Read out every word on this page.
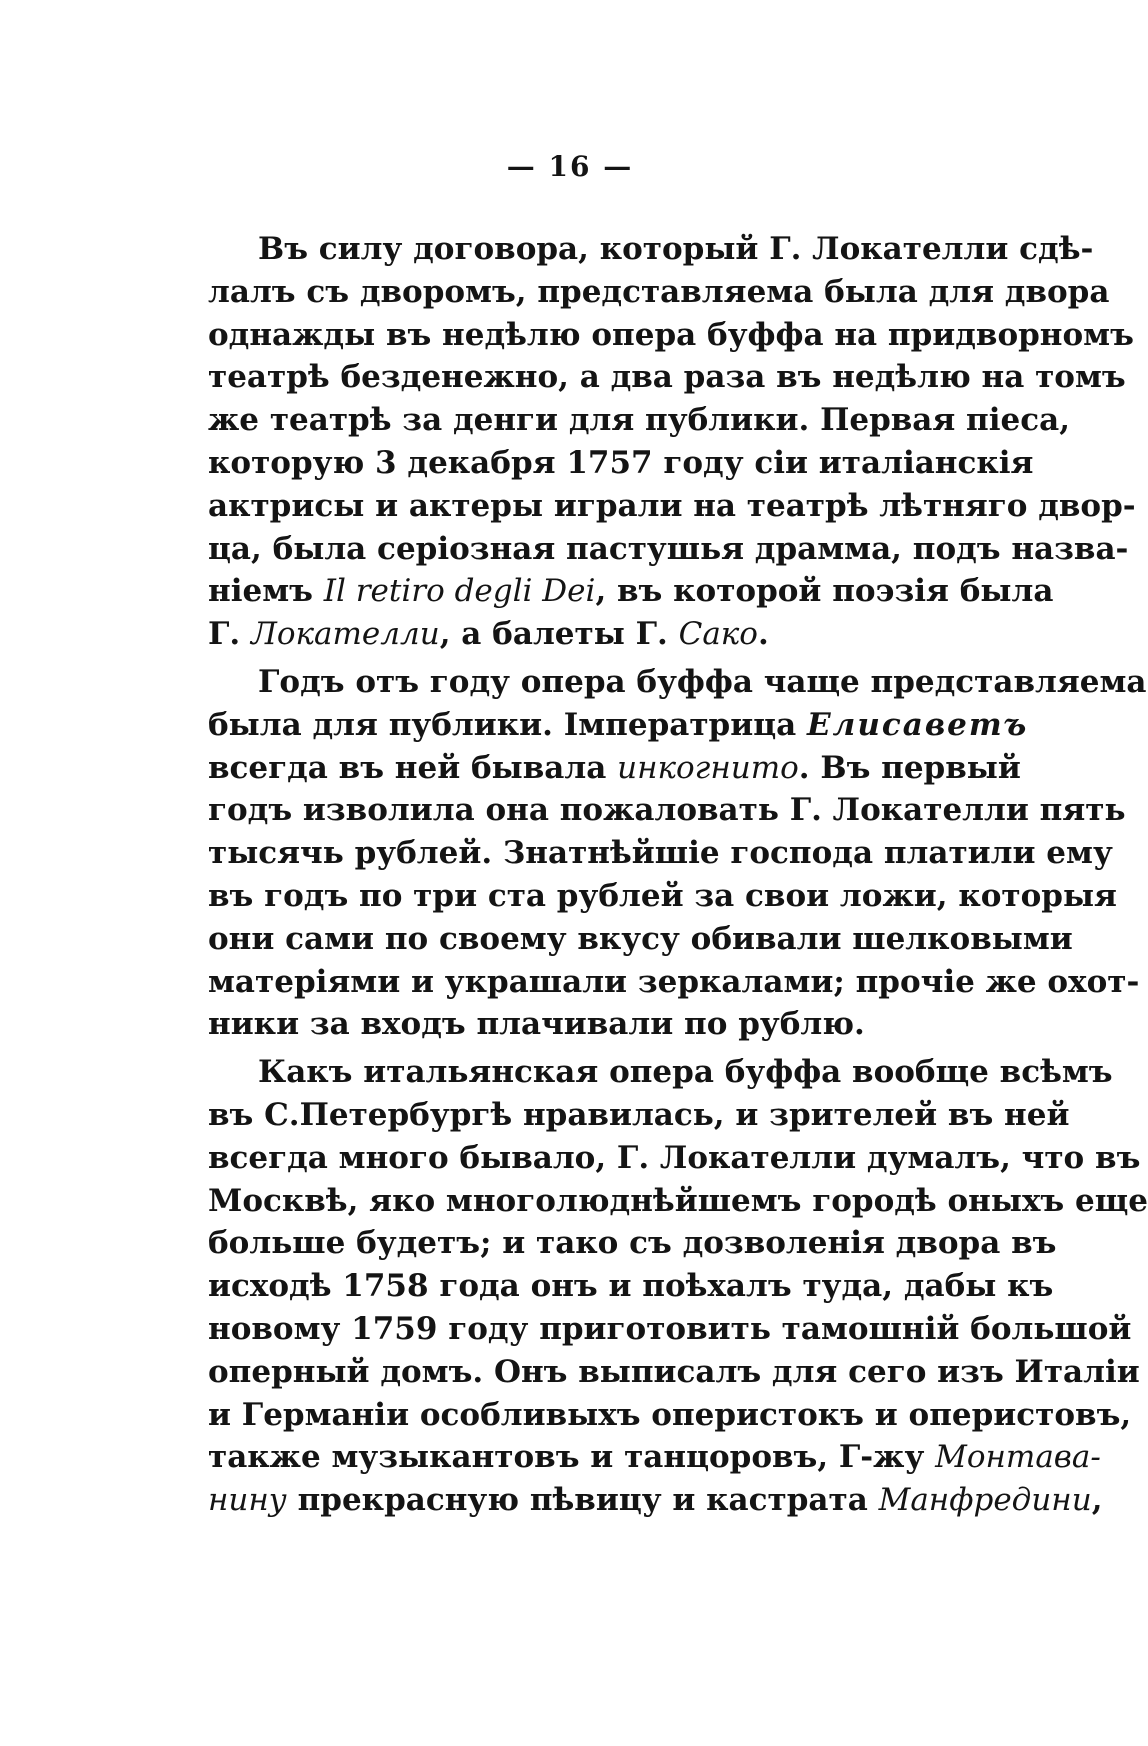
— 16 —
Въ силу договора, который Г. Локателли сдѣ-
лалъ съ дворомъ, представляема была для двора
однажды въ недѣлю опера буффа на придворномъ
театрѣ безденежно, а два раза въ недѣлю на томъ
же театрѣ за денги для публики. Первая пiеса,
которую 3 декабря 1757 году сiи италiанскiя
актрисы и актеры играли на театрѣ лѣтняго двор-
ца, была серiозная пастушья драмма, подъ назва-
нiемъ Il retiro degli Dei, въ которой поэзiя была
Г. Локателли, а балеты Г. Сако.
Годъ отъ году опера буффа чаще представляема
была для публики. Iмператрица Елисавеmъ
всегда въ ней бывала инкогнито. Въ первый
годъ изволила она пожаловать Г. Локателли пять
тысячь рублей. Знатнѣйшiе господа платили ему
въ годъ по три ста рублей за свои ложи, которыя
они сами по своему вкусу обивали шелковыми
матерiями и украшали зеркалами; прочiе же охот-
ники за входъ плачивали по рублю.
Какъ итальянская опера буффа вообще всѣмъ
въ С.Петербургѣ нравилась, и зрителей въ ней
всегда много бывало, Г. Локателли думалъ, что въ
Москвѣ, яко многолюднѣйшемъ городѣ оныхъ еще
больше будетъ; и тако съ дозволенiя двора въ
исходѣ 1758 года онъ и поѣхалъ туда, дабы къ
новому 1759 году приготовить тамошнiй большой
оперный домъ. Онъ выписалъ для сего изъ Италiи
и Германiи особливыхъ оперистокъ и оперистовъ,
также музыкантовъ и танцоровъ, Г-жу Монтава-
нину прекрасную пѣвицу и кастрата Манфредини,
